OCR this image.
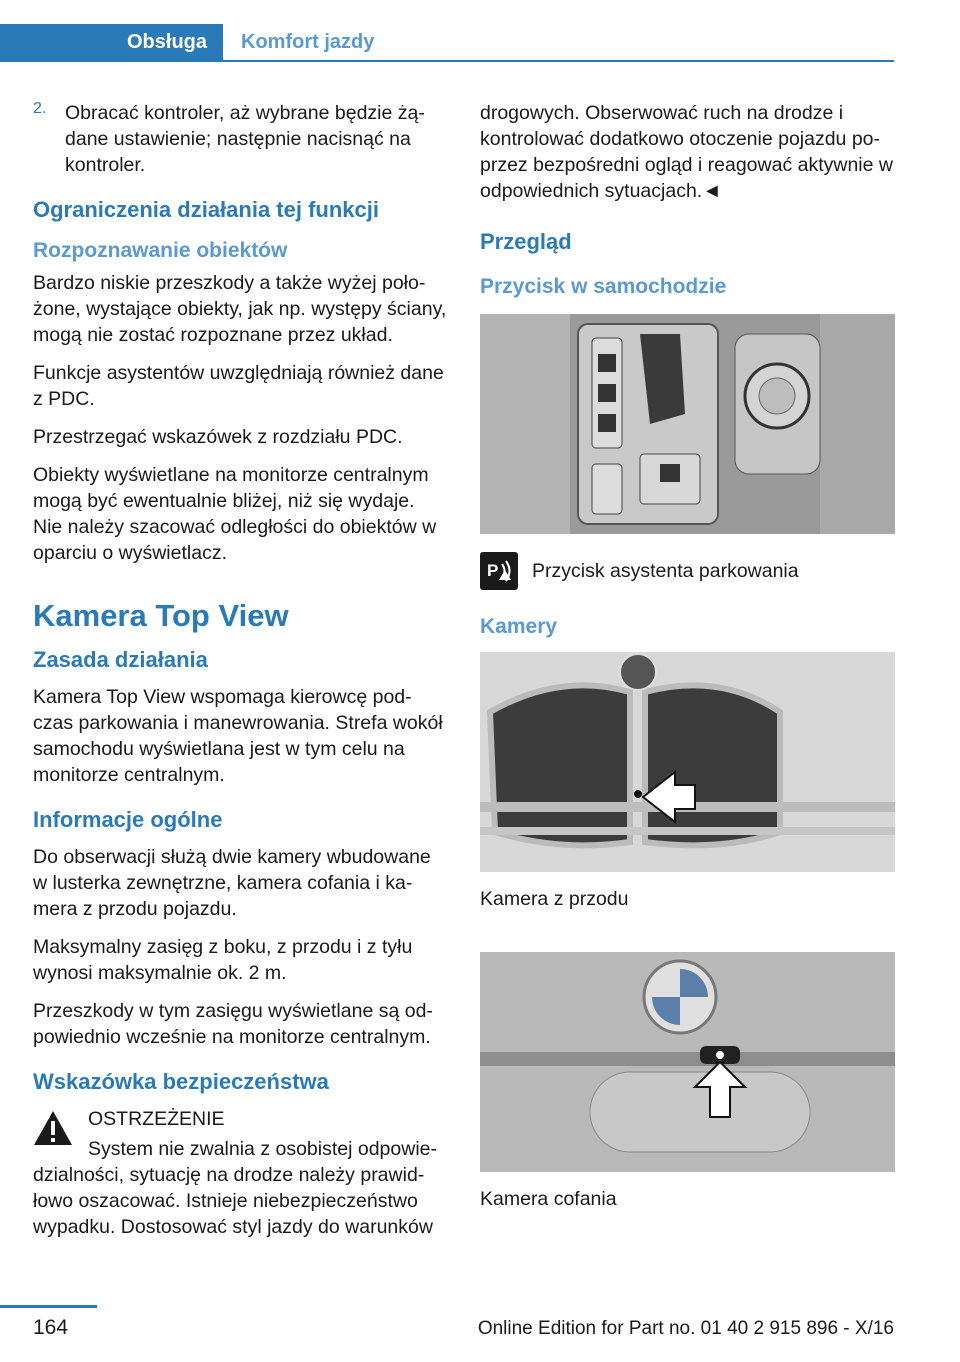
Obsługa	Komfort jazdy
2. Obracać kontroler, aż wybrane będzie żą-dane ustawienie; następnie nacisnąć na kontroler.

Ograniczenia działania tej funkcji
Rozpoznawanie obiektów

Bardzo niskie przeszkody a także wyżej poło-żone, wystające obiekty, jak np. występy ściany, mogą nie zostać rozpoznane przez układ.

Funkcje asystentów uwzględniają również dane z PDC.

Przestrzegać wskazówek z rozdziału PDC.

Obiekty wyświetlane na monitorze centralnym mogą być ewentualnie bliżej, niż się wydaje. Nie należy szacować odległości do obiektów w oparciu o wyświetlacz.

Kamera Top View
Zasada działania

Kamera Top View wspomaga kierowcę pod-czas parkowania i manewrowania. Strefa wokół samochodu wyświetlana jest w tym celu na monitorze centralnym.

Informacje ogólne

Do obserwacji służą dwie kamery wbudowane w lusterka zewnętrzne, kamera cofania i ka-mera z przodu pojazdu.

Maksymalny zasięg z boku, z przodu i z tyłu wynosi maksymalnie ok. 2 m.

Przeszkody w tym zasięgu wyświetlane są od-powiednio wcześnie na monitorze centralnym.

Wskazówka bezpieczeństwa

OSTRZEŻENIE

System nie zwalnia z osobistej odpowie-dzialności, sytuację na drodze należy prawid-łowo oszacować. Istnieje niebezpieczeństwo wypadku. Dostosować styl jazdy do warunków

drogowych. Obserwować ruch na drodze i kontrolować dodatkowo otoczenie pojazdu po-przez bezpośredni ogląd i reagować aktywnie w odpowiednich sytuacjach.◄

Przegląd
Przycisk w samochodzie
P Przycisk asystenta parkowania
Kamery

Kamera z przodu

Kamera cofania

164	Online Edition for Part no. 01 40 2 915 896 - X/16
